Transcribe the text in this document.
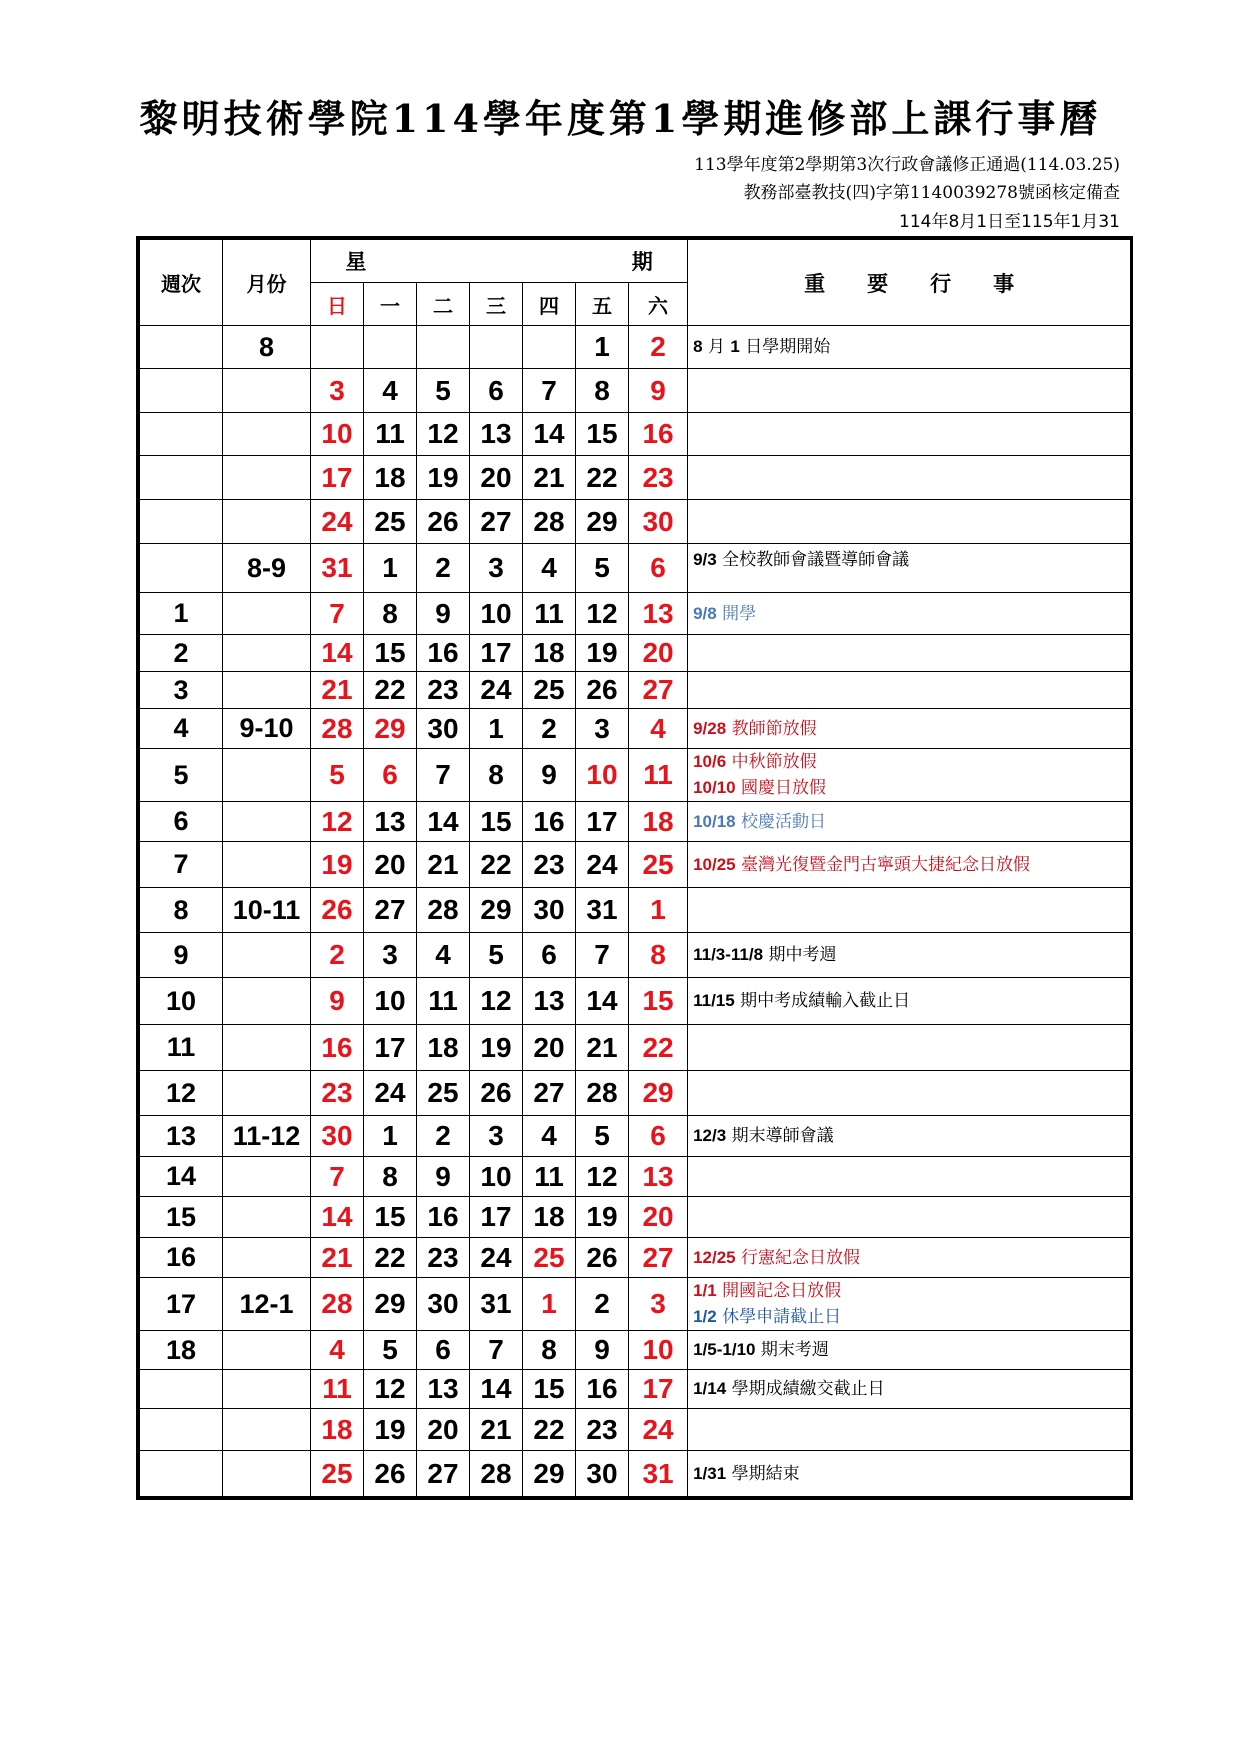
黎明技術學院114學年度第1學期進修部上課行事曆
113學年度第2學期第3次行政會議修正通過(114.03.25)
教務部臺教技(四)字第1140039278號函核定備查
114年8月1日至115年1月31
週次	月份	星 期							重　　要　　行　　事
		日	一	二	三	四	五	六	
	8						1	2	8 月 1 日學期開始

		3	4	5	6	7	8	9	
		10	11	12	13	14	15	16	
		17	18	19	20	21	22	23	
		24	25	26	27	28	29	30	
	8-9	31	1	2	3	4	5	6	9/3 全校教師會議暨導師會議

1		7	8	9	10	11	12	13	9/8 開學

2		14	15	16	17	18	19	20	
3		21	22	23	24	25	26	27	
4	9-10	28	29	30	1	2	3	4	9/28 教師節放假

5		5	6	7	8	9	10	11	10/6 中秋節放假
10/10 國慶日放假

6		12	13	14	15	16	17	18	10/18 校慶活動日

7		19	20	21	22	23	24	25	10/25 臺灣光復暨金門古寧頭大捷紀念日放假

8	10-11	26	27	28	29	30	31	1	
9		2	3	4	5	6	7	8	11/3-11/8 期中考週

10		9	10	11	12	13	14	15	11/15 期中考成績輸入截止日

11		16	17	18	19	20	21	22	
12		23	24	25	26	27	28	29	
13	11-12	30	1	2	3	4	5	6	12/3 期末導師會議

14		7	8	9	10	11	12	13	
15		14	15	16	17	18	19	20	
16		21	22	23	24	25	26	27	12/25 行憲紀念日放假

17	12-1	28	29	30	31	1	2	3	1/1 開國記念日放假
1/2 休學申請截止日

18		4	5	6	7	8	9	10	1/5-1/10 期末考週

		11	12	13	14	15	16	17	1/14 學期成績繳交截止日

		18	19	20	21	22	23	24	
		25	26	27	28	29	30	31	1/31 學期結束
